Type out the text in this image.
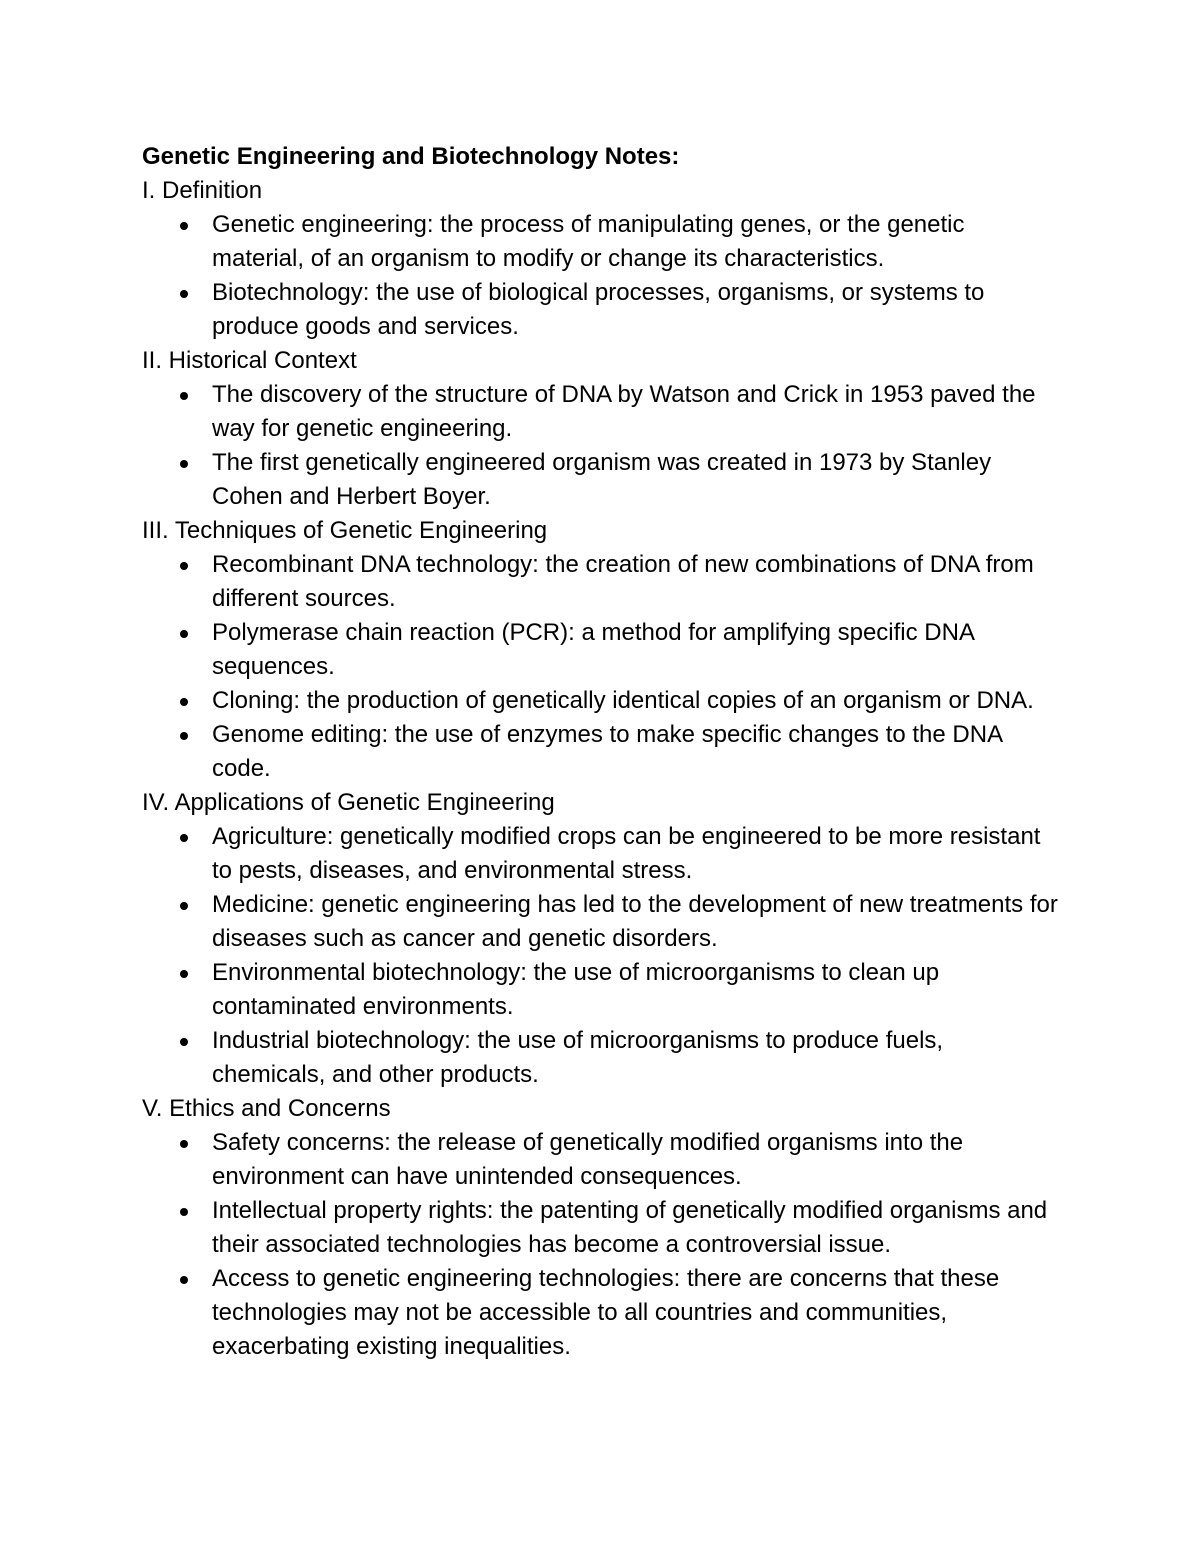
Genetic Engineering and Biotechnology Notes:

I. Definition

Genetic engineering: the process of manipulating genes, or the genetic material, of an organism to modify or change its characteristics.
Biotechnology: the use of biological processes, organisms, or systems to produce goods and services.

II. Historical Context

The discovery of the structure of DNA by Watson and Crick in 1953 paved the way for genetic engineering.
The first genetically engineered organism was created in 1973 by Stanley Cohen and Herbert Boyer.

III. Techniques of Genetic Engineering

Recombinant DNA technology: the creation of new combinations of DNA from different sources.
Polymerase chain reaction (PCR): a method for amplifying specific DNA sequences.
Cloning: the production of genetically identical copies of an organism or DNA.
Genome editing: the use of enzymes to make specific changes to the DNA code.

IV. Applications of Genetic Engineering

Agriculture: genetically modified crops can be engineered to be more resistant to pests, diseases, and environmental stress.
Medicine: genetic engineering has led to the development of new treatments for diseases such as cancer and genetic disorders.
Environmental biotechnology: the use of microorganisms to clean up contaminated environments.
Industrial biotechnology: the use of microorganisms to produce fuels, chemicals, and other products.

V. Ethics and Concerns

Safety concerns: the release of genetically modified organisms into the environment can have unintended consequences.
Intellectual property rights: the patenting of genetically modified organisms and their associated technologies has become a controversial issue.
Access to genetic engineering technologies: there are concerns that these technologies may not be accessible to all countries and communities, exacerbating existing inequalities.
